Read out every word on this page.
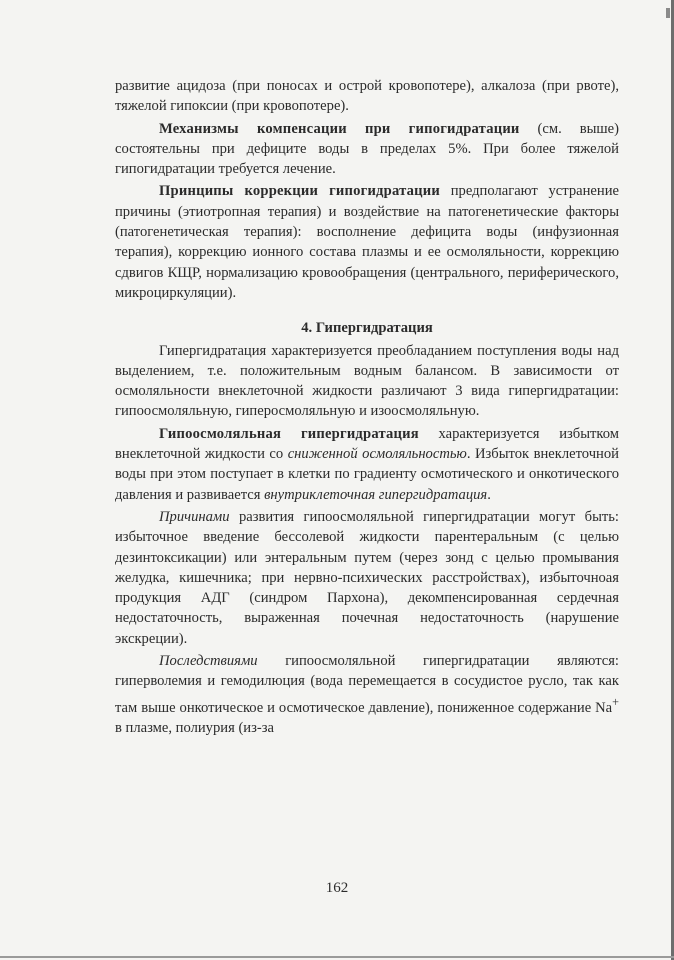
развитие ацидоза (при поносах и острой кровопотере), алкалоза (при рвоте), тяжелой гипоксии (при кровопотере).

Механизмы компенсации при гипогидратации (см. выше) состоятельны при дефиците воды в пределах 5%. При более тяжелой гипогидратации требуется лечение.

Принципы коррекции гипогидратации предполагают устранение причины (этиотропная терапия) и воздействие на патогенетические факторы (патогенетическая терапия): восполнение дефицита воды (инфузионная терапия), коррекцию ионного состава плазмы и ее осмоляльности, коррекцию сдвигов КЩР, нормализацию кровообращения (центрального, периферического, микроциркуляции).

4. Гипергидратация

Гипергидратация характеризуется преобладанием поступления воды над выделением, т.е. положительным водным балансом. В зависимости от осмоляльности внеклеточной жидкости различают 3 вида гипергидратации: гипоосмоляльную, гиперосмоляльную и изоосмоляльную.

Гипоосмоляльная гипергидратация характеризуется избытком внеклеточной жидкости со сниженной осмоляльностью. Избыток внеклеточной воды при этом поступает в клетки по градиенту осмотического и онкотического давления и развивается внутриклеточная гипергидратация.

Причинами развития гипоосмоляльной гипергидратации могут быть: избыточное введение бессолевой жидкости парентеральным (с целью дезинтоксикации) или энтеральным путем (через зонд с целью промывания желудка, кишечника; при нервно-психических расстройствах), избыточноая продукция АДГ (синдром Пархона), декомпенсированная сердечная недостаточность, выраженная почечная недостаточность (нарушение экскреции).

Последствиями гипоосмоляльной гипергидратации являются: гиперволемия и гемодилюция (вода перемещается в сосудистое русло, так как там выше онкотическое и осмотическое давление), пониженное содержание Na+ в плазме, полиурия (из-за

162
